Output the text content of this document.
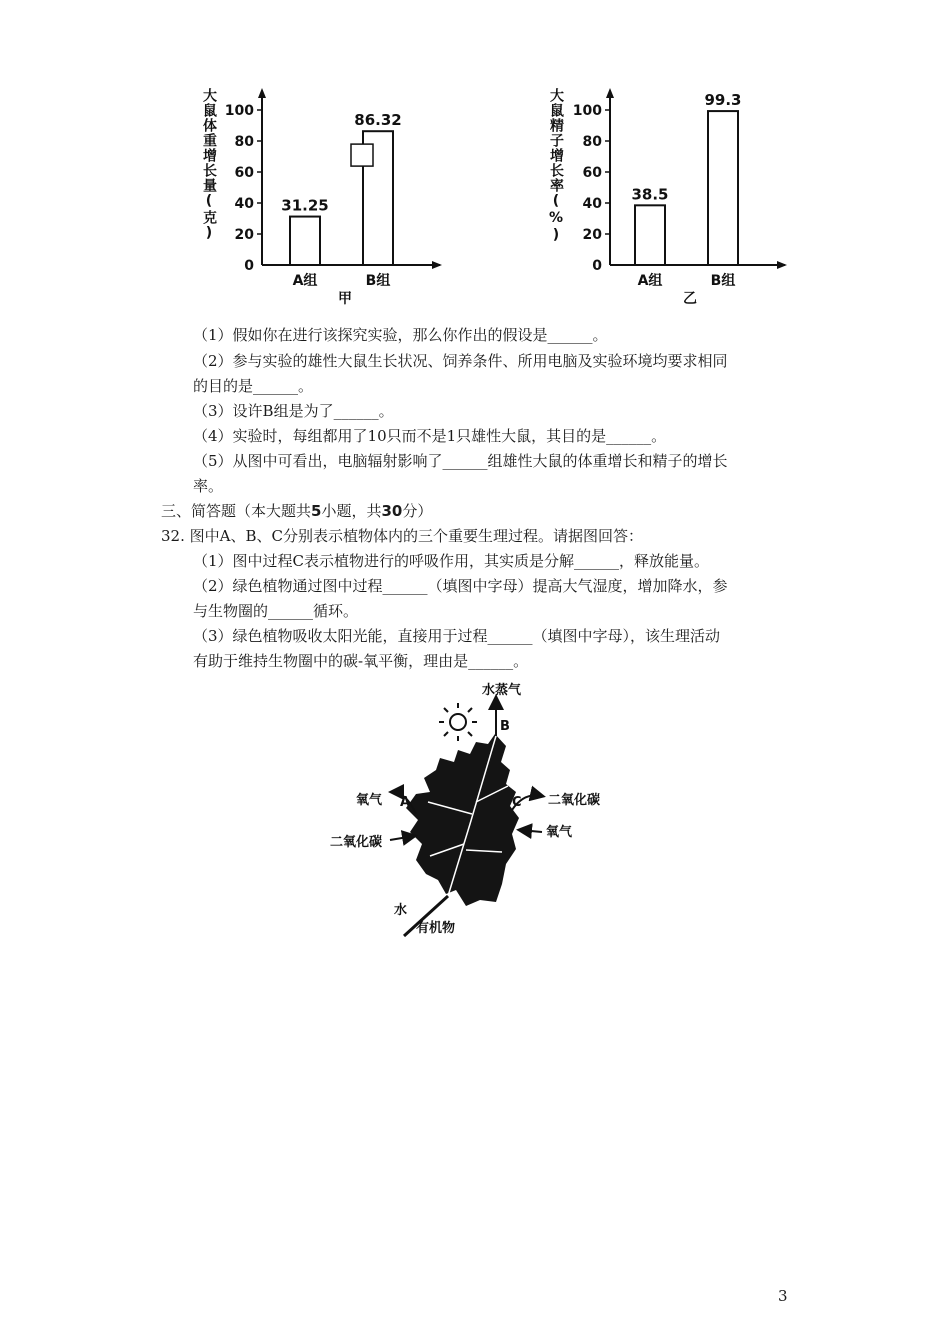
大鼠体重增长量(克)
0
20
40
60
80
100
31.25
A组
86.32
B组
甲
大鼠精子增长率(%)
0
20
40
60
80
100
38.5
A组
99.3
B组
乙
（1）假如你在进行该探究实验，那么你作出的假设是______。
（2）参与实验的雄性大鼠生长状况、饲养条件、所用电脑及实验环境均要求相同
的目的是______。
（3）设许B组是为了______。
（4）实验时，每组都用了10只而不是1只雄性大鼠，其目的是______。
（5）从图中可看出，电脑辐射影响了______组雄性大鼠的体重增长和精子的增长
率。
三、简答题（本大题共5小题，共30分）
32. 图中A、B、C分别表示植物体内的三个重要生理过程。请据图回答：
（1）图中过程C表示植物进行的呼吸作用，其实质是分解______，释放能量。
（2）绿色植物通过图中过程______（填图中字母）提高大气湿度，增加降水，参
与生物圈的______循环。
（3）绿色植物吸收太阳光能，直接用于过程______（填图中字母），该生理活动
有助于维持生物圈中的碳-氧平衡，理由是______。
B
水蒸气
A
氧气
二氧化碳
C 二氧化碳
氧气
水
有机物
3
